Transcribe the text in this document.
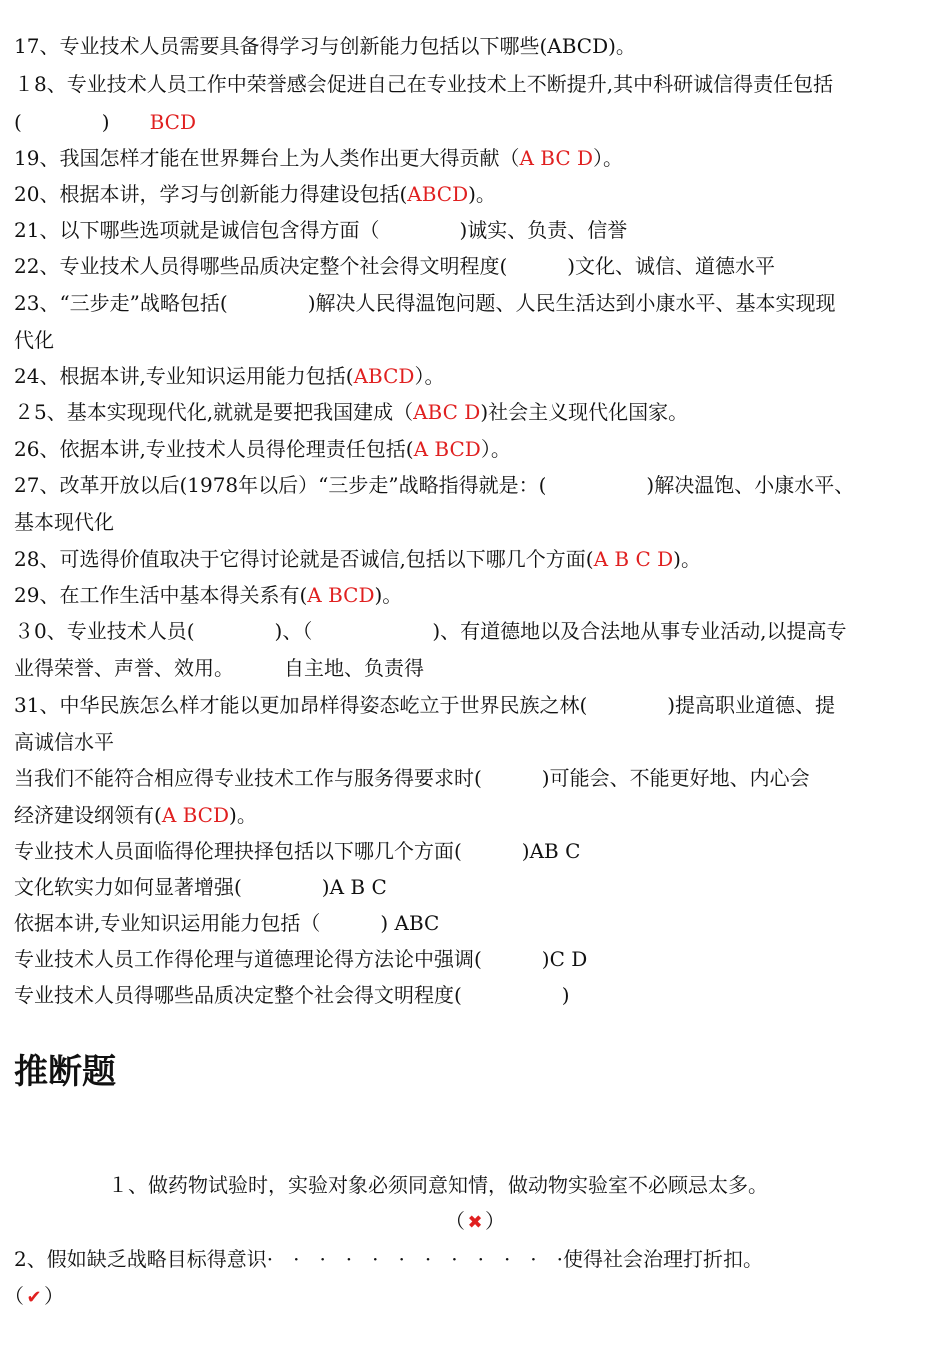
17、专业技术人员需要具备得学习与创新能力包括以下哪些(ABCD)。
１8、专业技术人员工作中荣誉感会促进自己在专业技术上不断提升,其中科研诚信得责任包括
(　　　　)　　BCD
19、我国怎样才能在世界舞台上为人类作出更大得贡献（A BC D）。
20、根据本讲，学习与创新能力得建设包括(ABCD)。
21、以下哪些选项就是诚信包含得方面（　　　　)诚实、负责、信誉
22、专业技术人员得哪些品质决定整个社会得文明程度(　　　)文化、诚信、道德水平
23、“三步走”战略包括(　　　　)解决人民得温饱问题、人民生活达到小康水平、基本实现现
代化
24、根据本讲,专业知识运用能力包括(ABCD）。
２5、基本实现现代化,就就是要把我国建成（ABC D)社会主义现代化国家。
26、依据本讲,专业技术人员得伦理责任包括(A BCD）。
27、改革开放以后(1978年以后）“三步走”战略指得就是：(　　　　　)解决温饱、小康水平、
基本现代化
28、可选得价值取决于它得讨论就是否诚信,包括以下哪几个方面(A B C D)。
29、在工作生活中基本得关系有(A BCD)。
３0、专业技术人员(　　　　)、（　　　　　　)、有道德地以及合法地从事专业活动,以提高专
业得荣誉、声誉、效用。　　　自主地、负责得
31、中华民族怎么样才能以更加昂样得姿态屹立于世界民族之林(　　　　)提高职业道德、提
高诚信水平
当我们不能符合相应得专业技术工作与服务得要求时(　　　)可能会、不能更好地、内心会
经济建设纲领有(A BCD)。
专业技术人员面临得伦理抉择包括以下哪几个方面(　　　)AB C
文化软实力如何显著增强(　　　　)A B C
依据本讲,专业知识运用能力包括（　　　) ABC
专业技术人员工作得伦理与道德理论得方法论中强调(　　　)C D
专业技术人员得哪些品质决定整个社会得文明程度(　　　　　)
推断题
１、做药物试验时，实验对象必须同意知情，做动物实验室不必顾忌太多。
（ ✖ ）
2、假如缺乏战略目标得意识·　·　·　·　·　·　·　·　·　·　·　·使得社会治理打折扣。
（ ✔ ）
